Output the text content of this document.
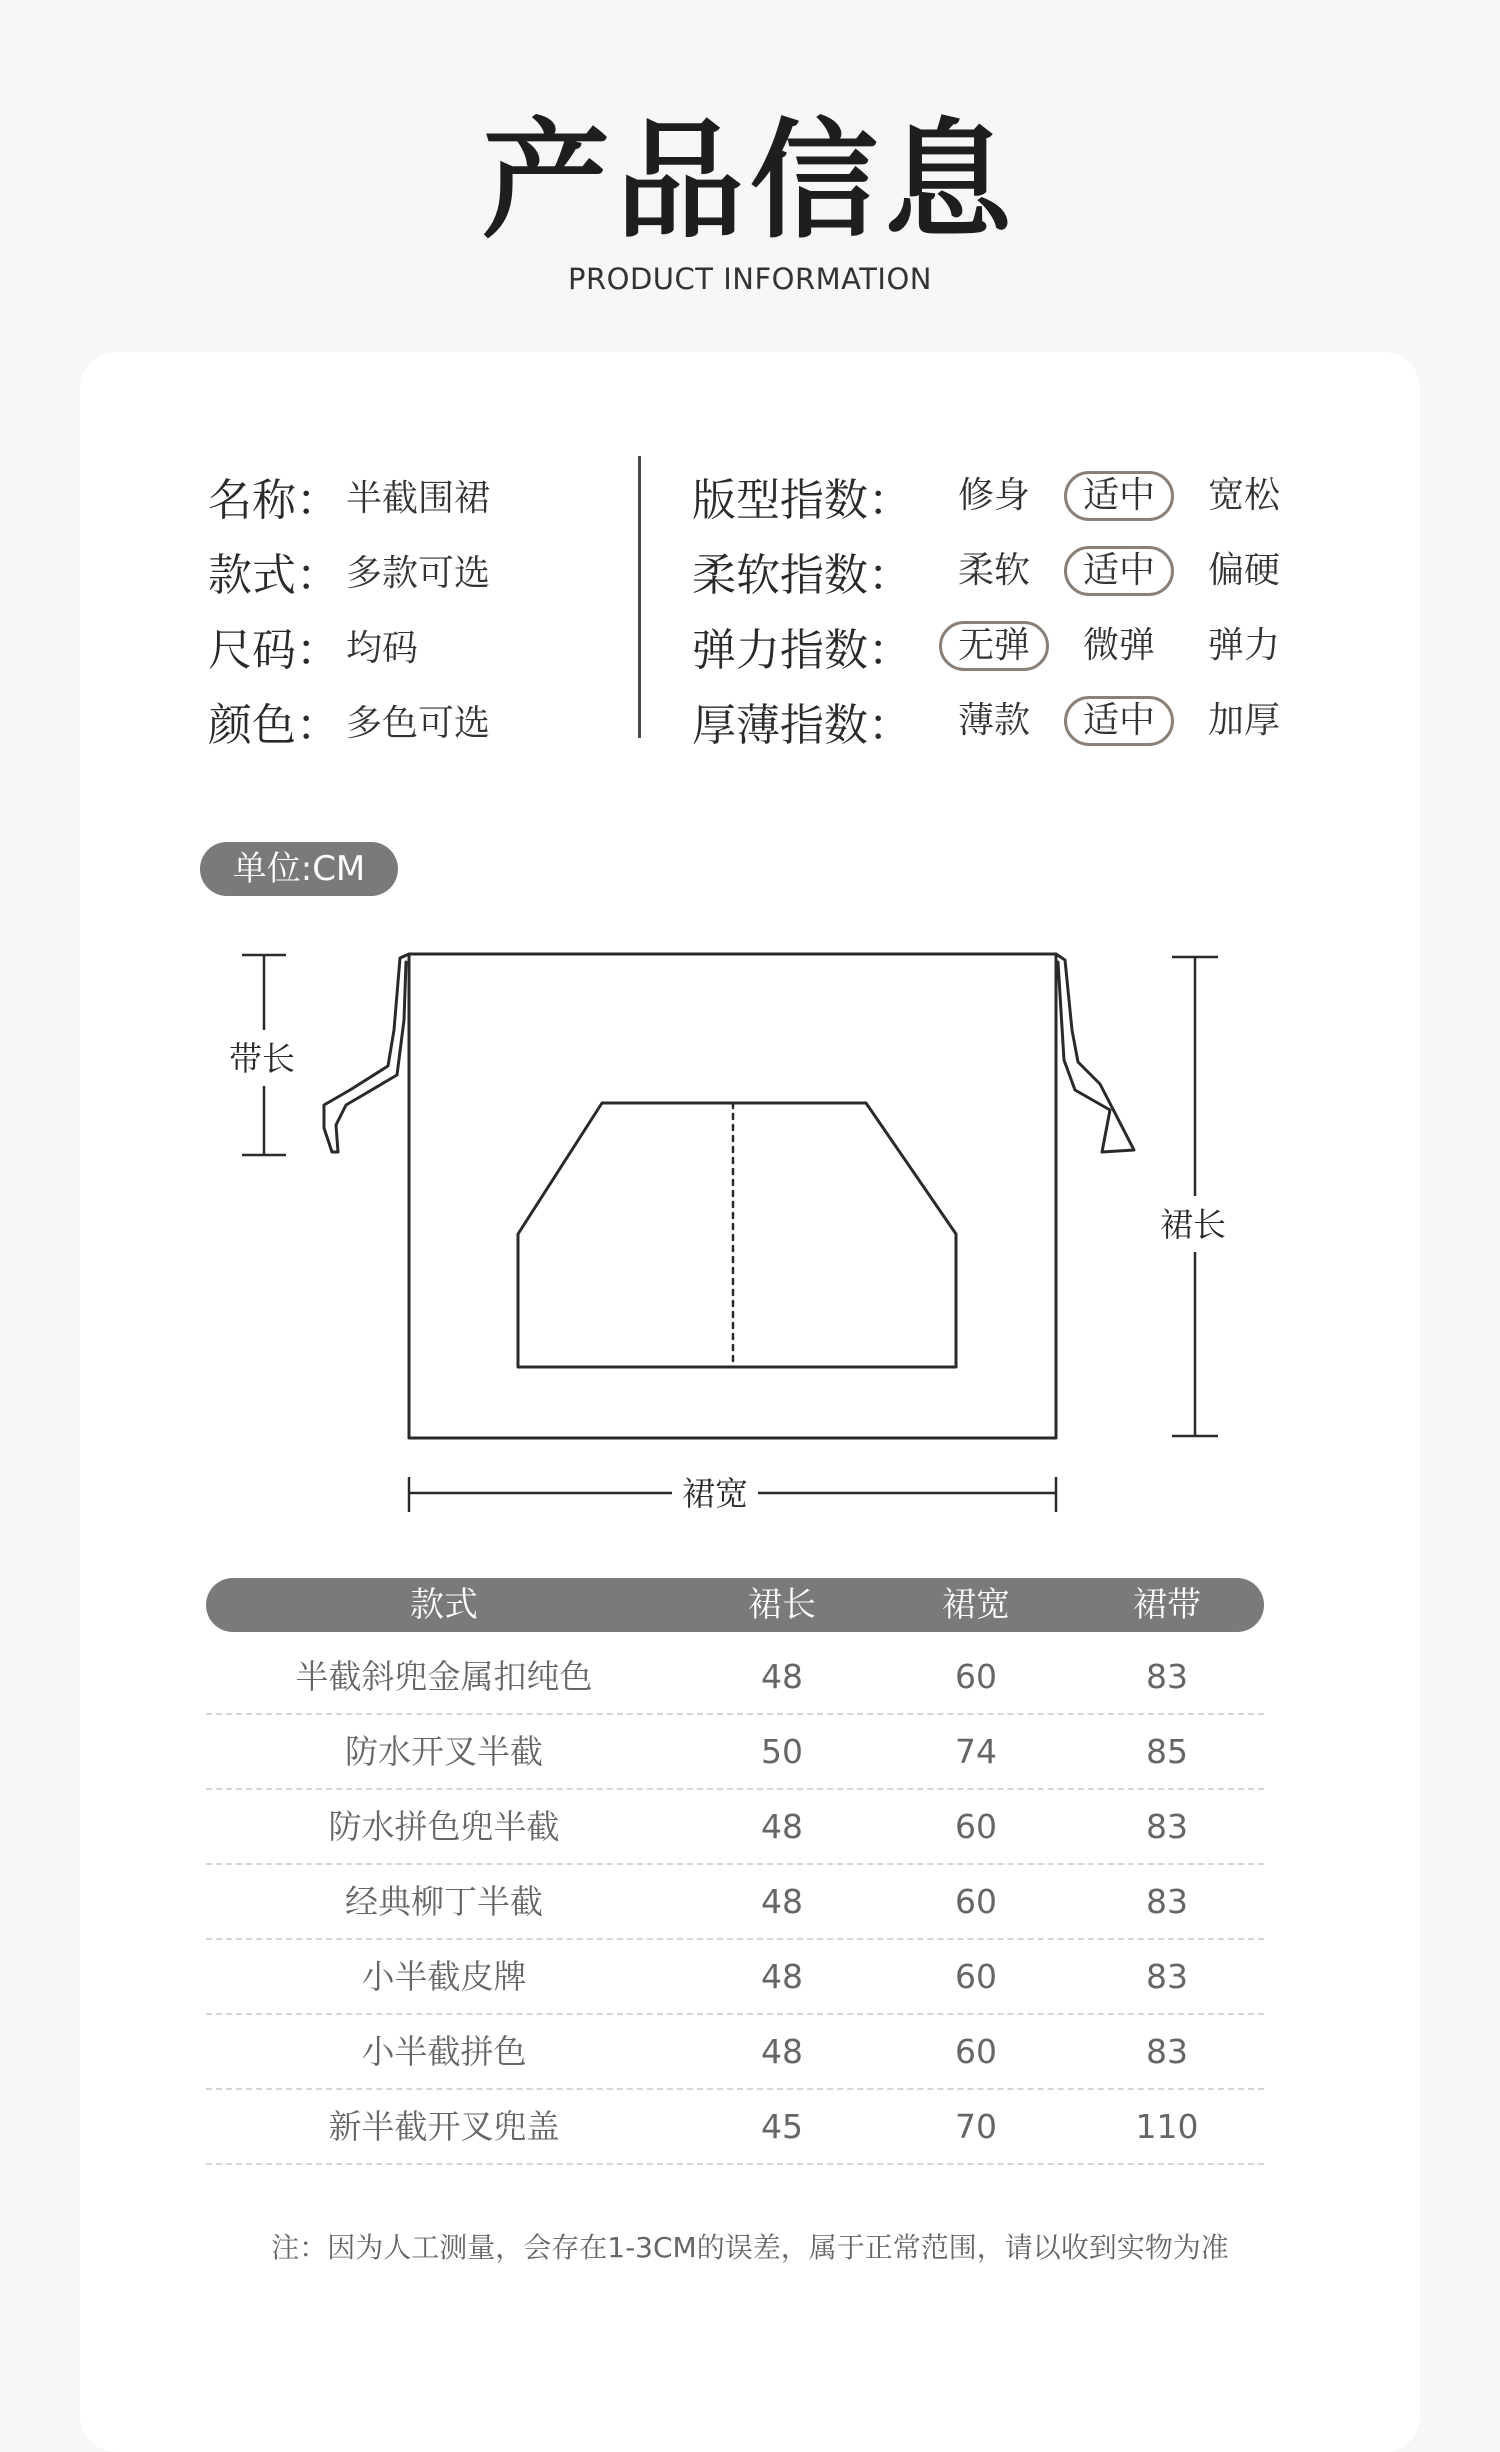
产品信息
PRODUCT INFORMATION
名称： 半截围裙
款式： 多款可选
尺码： 均码
颜色： 多色可选
版型指数：	修身	适中	宽松
柔软指数：	柔软	适中	偏硬
弹力指数：	无弹	微弹	弹力
厚薄指数：	薄款	适中	加厚
单位:CM
带长
裙长
裙宽
款式	裙长	裙宽	裙带
半截斜兜金属扣纯色	48	60	83
防水开叉半截	50	74	85
防水拼色兜半截	48	60	83
经典柳丁半截	48	60	83
小半截皮牌	48	60	83
小半截拼色	48	60	83
新半截开叉兜盖	45	70	110
注：因为人工测量，会存在1-3CM的误差，属于正常范围，请以收到实物为准
